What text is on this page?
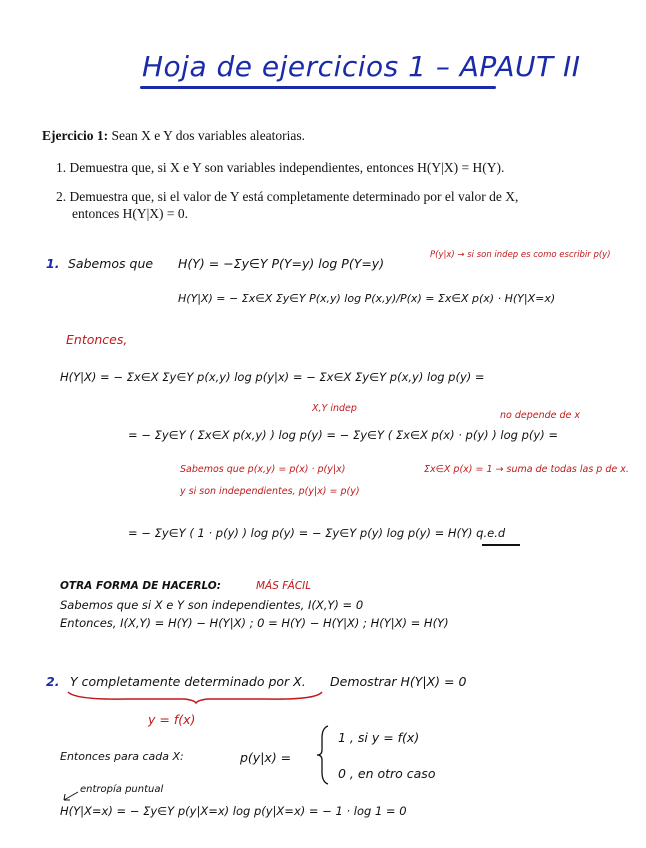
Hoja de ejercicios 1 – APAUT II
Ejercicio 1: Sean X e Y dos variables aleatorias.
1. Demuestra que, si X e Y son variables independientes, entonces H(Y|X) = H(Y).
2. Demuestra que, si el valor de Y está completamente determinado por el valor de X,
entonces H(Y|X) = 0.
1. Sabemos que H(Y) = −Σy∈Y P(Y=y) log P(Y=y)
P(y|x) → si son indep es como escribir p(y)
H(Y|X) = − Σx∈X Σy∈Y P(x,y) log P(x,y)/P(x) = Σx∈X p(x) · H(Y|X=x)
Entonces,
H(Y|X) = − Σx∈X Σy∈Y p(x,y) log p(y|x) = − Σx∈X Σy∈Y p(x,y) log p(y) =
X,Y indep
no depende de x
= − Σy∈Y ( Σx∈X p(x,y) ) log p(y) = − Σy∈Y ( Σx∈X p(x) · p(y) ) log p(y) =
Sabemos que p(x,y) = p(x) · p(y|x)
y si son independientes, p(y|x) = p(y)
Σx∈X p(x) = 1 → suma de todas las p de x.
= − Σy∈Y ( 1 · p(y) ) log p(y) = − Σy∈Y p(y) log p(y) = H(Y) q.e.d
OTRA FORMA DE HACERLO:	MÁS FÁCIL
Sabemos que si X e Y son independientes, I(X,Y) = 0
Entonces, I(X,Y) = H(Y) − H(Y|X) ; 0 = H(Y) − H(Y|X) ; H(Y|X) = H(Y)
2. Y completamente determinado por X. Demostrar H(Y|X) = 0
y = f(x)
Entonces para cada X:	p(y|x) =
1 , si y = f(x)
0 , en otro caso
entropía puntual
H(Y|X=x) = − Σy∈Y p(y|X=x) log p(y|X=x) = − 1 · log 1 = 0
